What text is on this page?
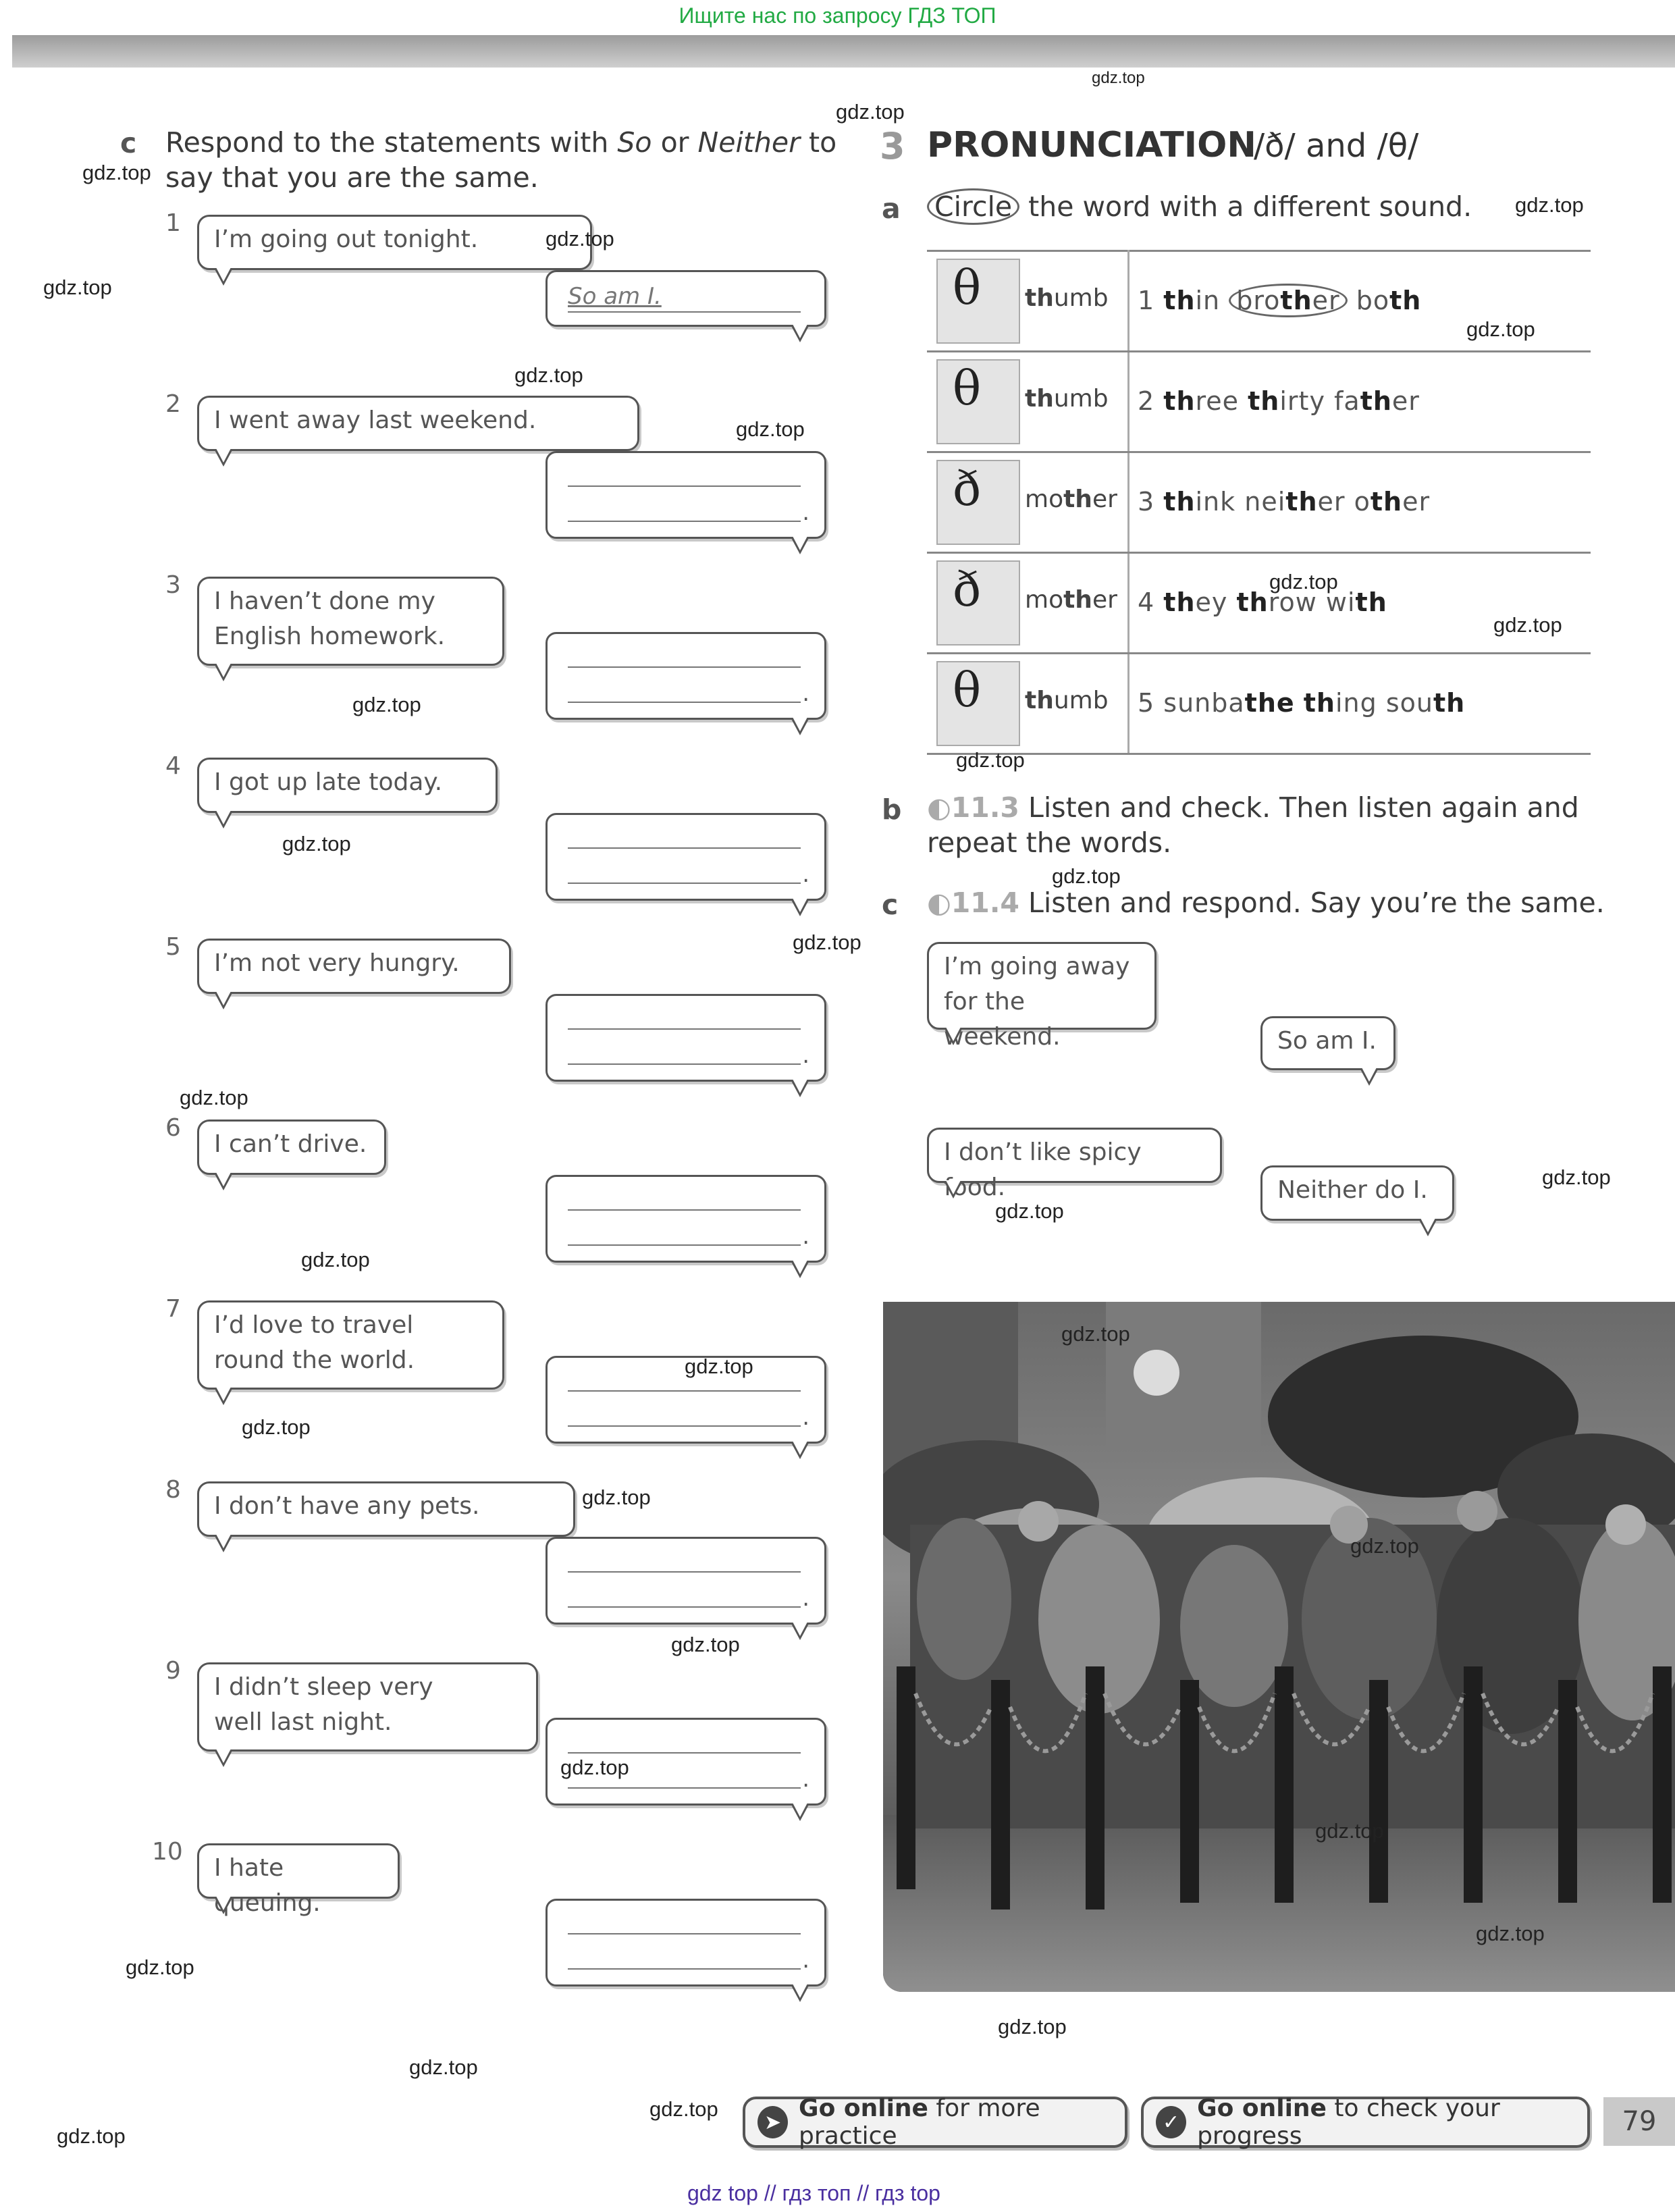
Ищите нас по запросу ГДЗ ТОП
c Respond to the statements with So or Neither to
say that you are the same.
1
I’m going out tonight.
So am I.
2
I went away last weekend.
.
3
I haven’t done my
English homework.
.
4
I got up late today.
.
5
I’m not very hungry.
.
6
I can’t drive.
.
7
I’d love to travel
round the world.
.
8
I don’t have any pets.
.
9
I didn’t sleep very
well last night.
.
10
I hate queuing.
.
3 PRONUNCIATION
/ð/ and /θ/
a Circle the word with a different sound.
θ thumb 1 thin brother both
θ thumb 2 three thirty father
ð mother 3 think neither other
ð mother 4 they throw with
θ thumb 5 sunbathe thing south
b ◐11.3 Listen and check. Then listen again and
repeat the words.
c ◐11.4 Listen and respond. Say you’re the same.
I’m going away
for the weekend.	So am I.
I don’t like spicy food.	Neither do I.
➤ Go online for more practice	✓ Go online to check your progress	79
gdz top // гдз топ // гдз top
gdz.top
gdz.top
gdz.top
gdz.top
gdz.top
gdz.top
gdz.top
gdz.top
gdz.top
gdz.top
gdz.top
gdz.top
gdz.top
gdz.top
gdz.top
gdz.top
gdz.top
gdz.top
gdz.top
gdz.top
gdz.top
gdz.top
gdz.top
gdz.top
gdz.top
gdz.top
gdz.top
gdz.top
gdz.top
gdz.top
gdz.top
gdz.top
gdz.top
gdz.top
